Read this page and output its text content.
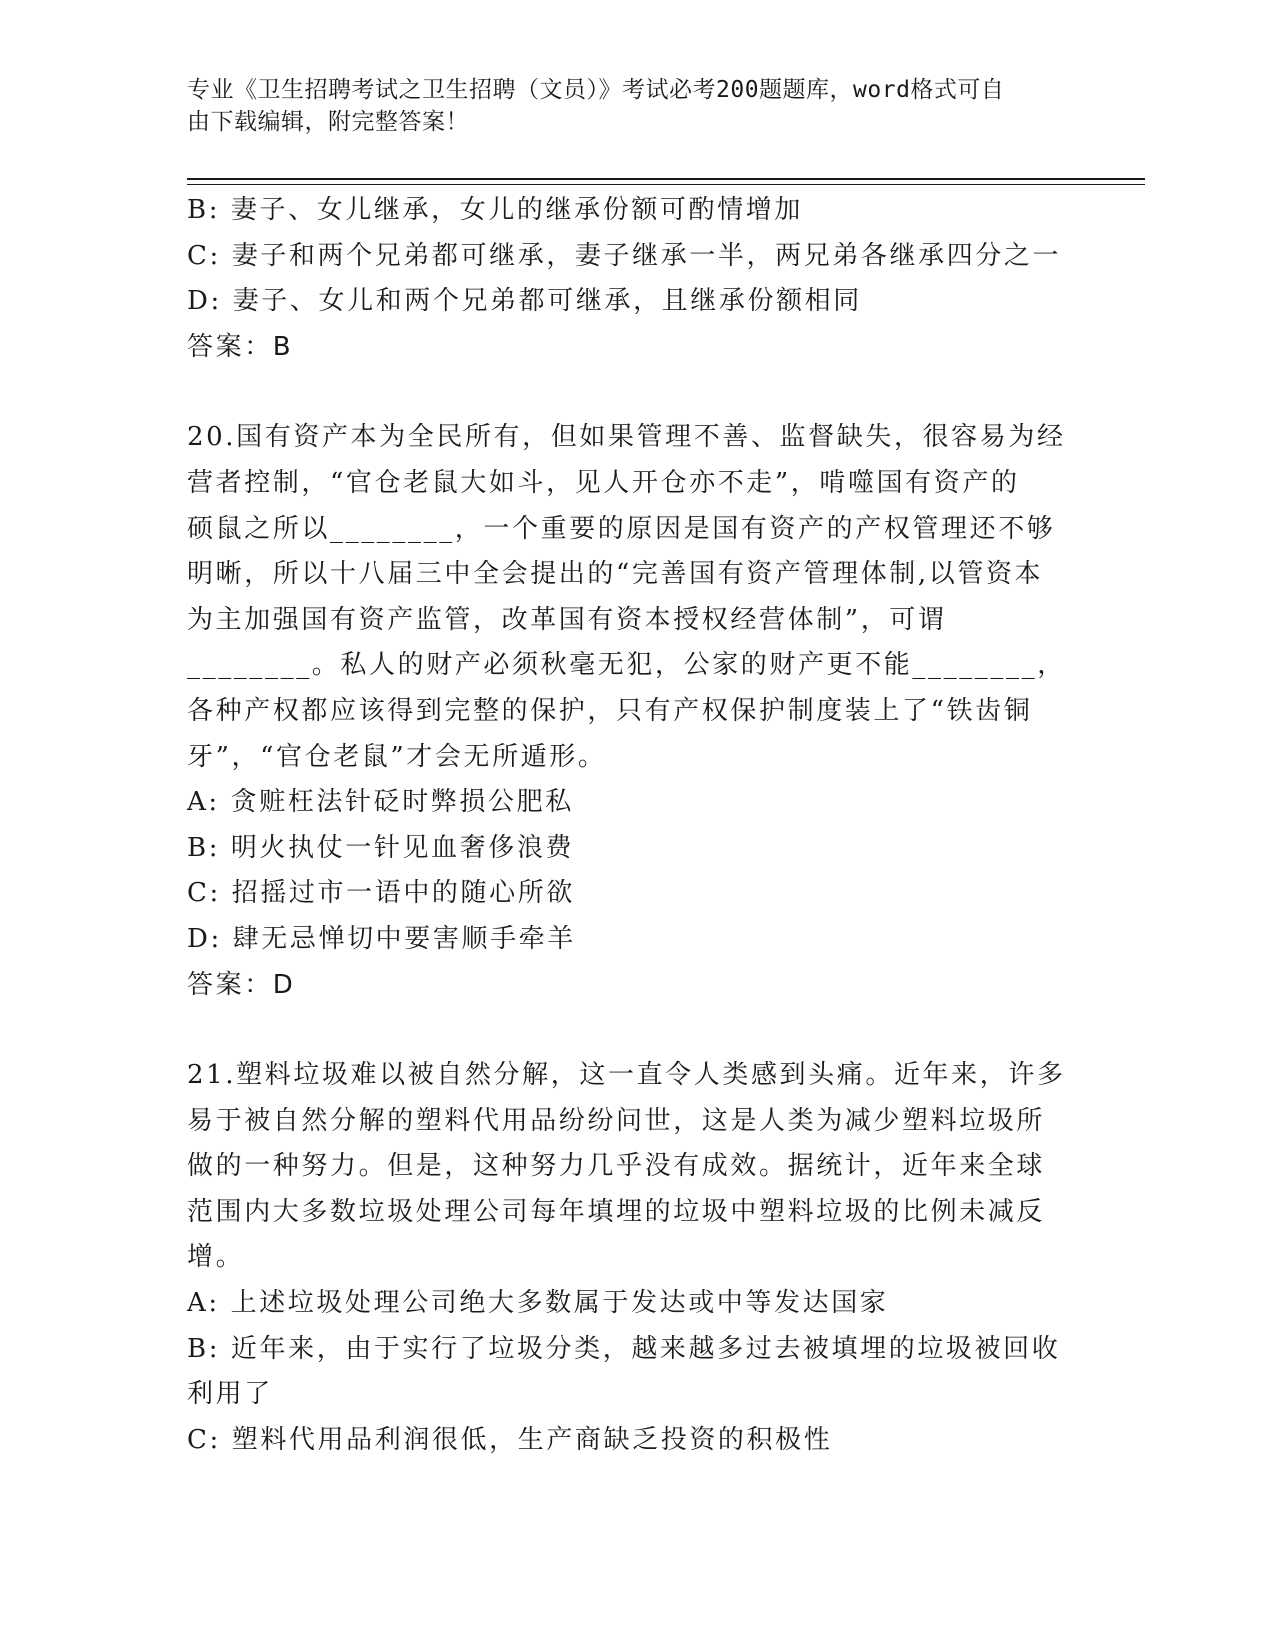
专业《卫生招聘考试之卫生招聘（文员）》考试必考200题题库，word格式可自
由下载编辑，附完整答案！
B: 妻子、女儿继承，女儿的继承份额可酌情增加
C: 妻子和两个兄弟都可继承，妻子继承一半，两兄弟各继承四分之一
D: 妻子、女儿和两个兄弟都可继承，且继承份额相同
答案：B
20.国有资产本为全民所有，但如果管理不善、监督缺失，很容易为经
营者控制，“官仓老鼠大如斗，见人开仓亦不走”，啃噬国有资产的
硕鼠之所以________，一个重要的原因是国有资产的产权管理还不够
明晰，所以十八届三中全会提出的“完善国有资产管理体制,以管资本
为主加强国有资产监管，改革国有资本授权经营体制”，可谓
________。私人的财产必须秋毫无犯，公家的财产更不能________，
各种产权都应该得到完整的保护，只有产权保护制度装上了“铁齿铜
牙”，“官仓老鼠”才会无所遁形。
A: 贪赃枉法针砭时弊损公肥私
B: 明火执仗一针见血奢侈浪费
C: 招摇过市一语中的随心所欲
D: 肆无忌惮切中要害顺手牵羊
答案：D
21.塑料垃圾难以被自然分解，这一直令人类感到头痛。近年来，许多
易于被自然分解的塑料代用品纷纷问世，这是人类为减少塑料垃圾所
做的一种努力。但是，这种努力几乎没有成效。据统计，近年来全球
范围内大多数垃圾处理公司每年填埋的垃圾中塑料垃圾的比例未减反
增。
A: 上述垃圾处理公司绝大多数属于发达或中等发达国家
B: 近年来，由于实行了垃圾分类，越来越多过去被填埋的垃圾被回收
利用了
C: 塑料代用品利润很低，生产商缺乏投资的积极性
